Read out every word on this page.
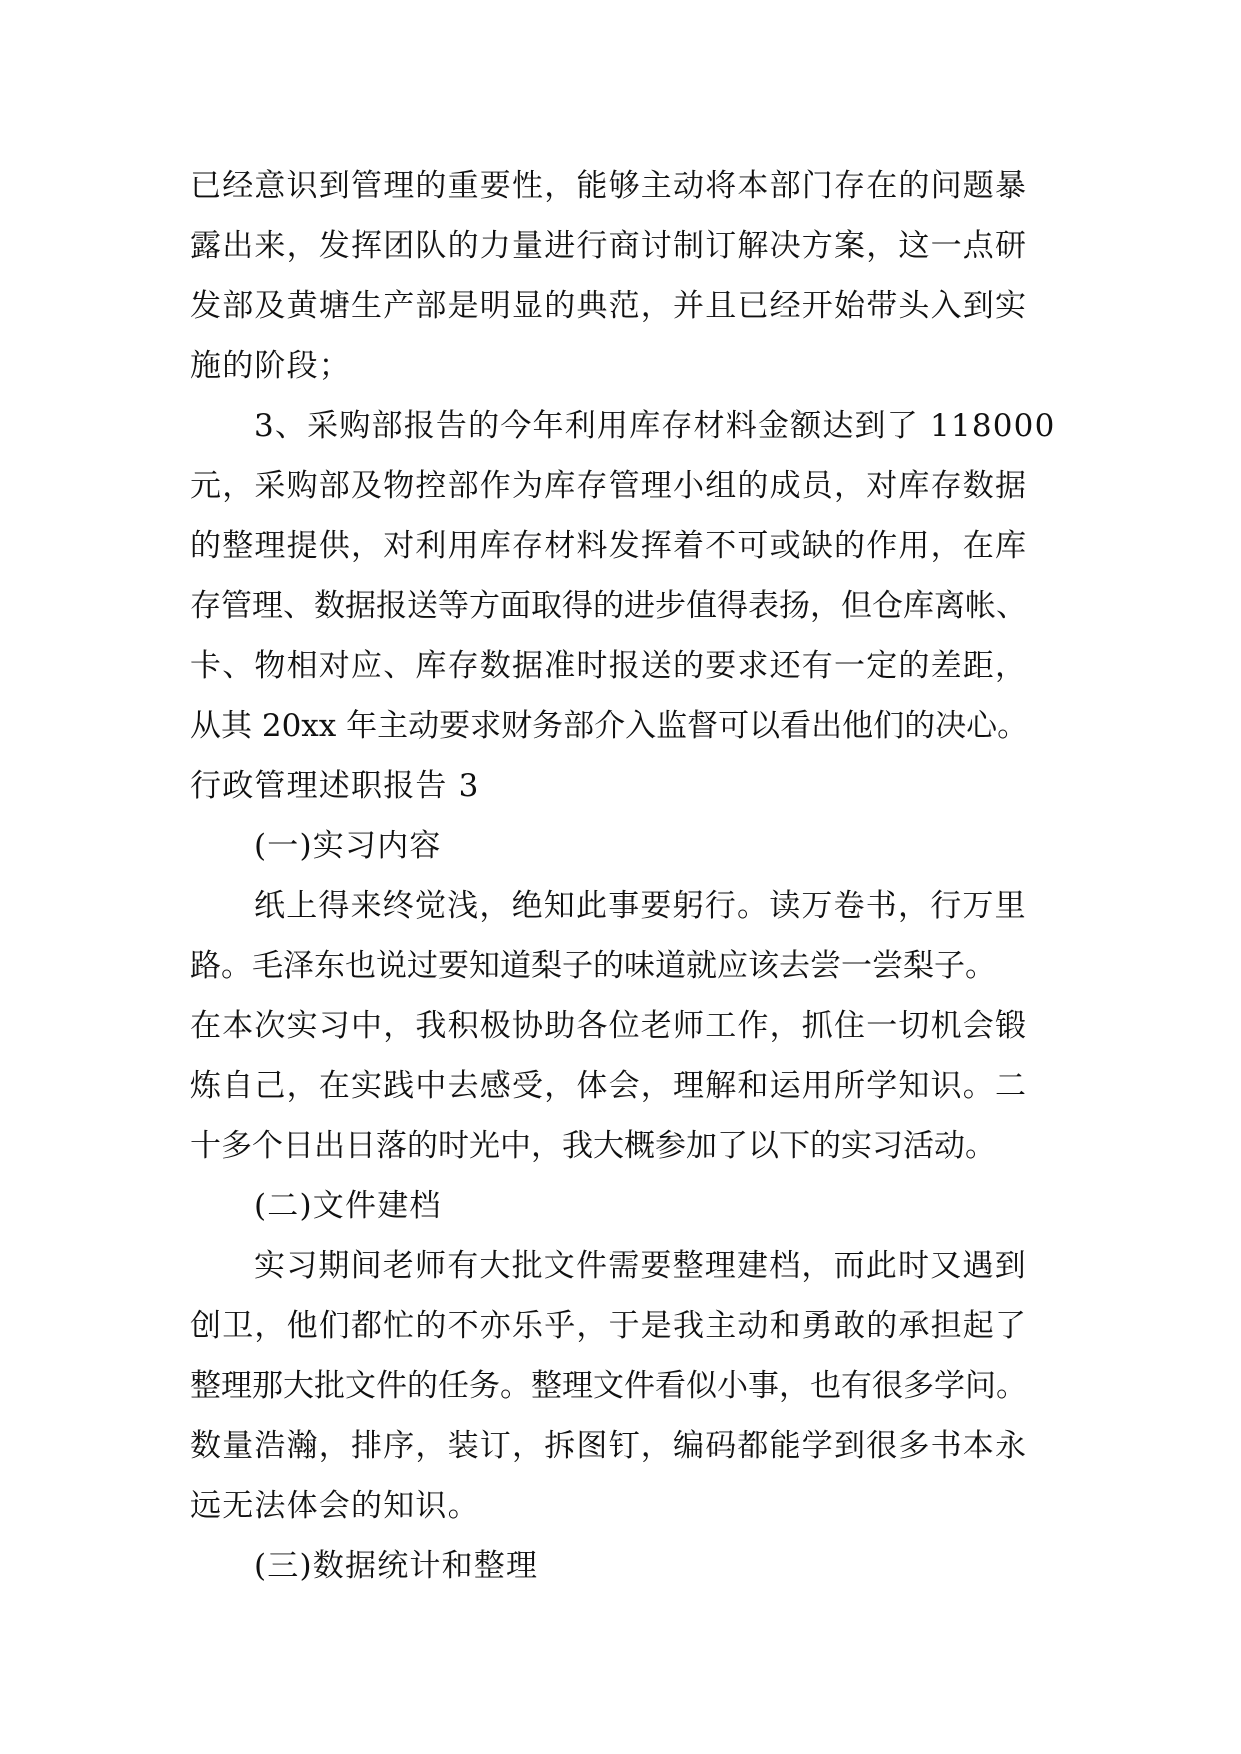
已经意识到管理的重要性，能够主动将本部门存在的问题暴
露出来，发挥团队的力量进行商讨制订解决方案，这一点研
发部及黄塘生产部是明显的典范，并且已经开始带头入到实
施的阶段；
3、采购部报告的今年利用库存材料金额达到了 118000
元，采购部及物控部作为库存管理小组的成员，对库存数据
的整理提供，对利用库存材料发挥着不可或缺的作用，在库
存管理、数据报送等方面取得的进步值得表扬，但仓库离帐、
卡、物相对应、库存数据准时报送的要求还有一定的差距，
从其 20xx 年主动要求财务部介入监督可以看出他们的决心。
行政管理述职报告 3
(一)实习内容
纸上得来终觉浅，绝知此事要躬行。读万卷书，行万里
路。毛泽东也说过要知道梨子的味道就应该去尝一尝梨子。
在本次实习中，我积极协助各位老师工作，抓住一切机会锻
炼自己，在实践中去感受，体会，理解和运用所学知识。二
十多个日出日落的时光中，我大概参加了以下的实习活动。
(二)文件建档
实习期间老师有大批文件需要整理建档，而此时又遇到
创卫，他们都忙的不亦乐乎，于是我主动和勇敢的承担起了
整理那大批文件的任务。整理文件看似小事，也有很多学问。
数量浩瀚，排序，装订，拆图钉，编码都能学到很多书本永
远无法体会的知识。
(三)数据统计和整理
